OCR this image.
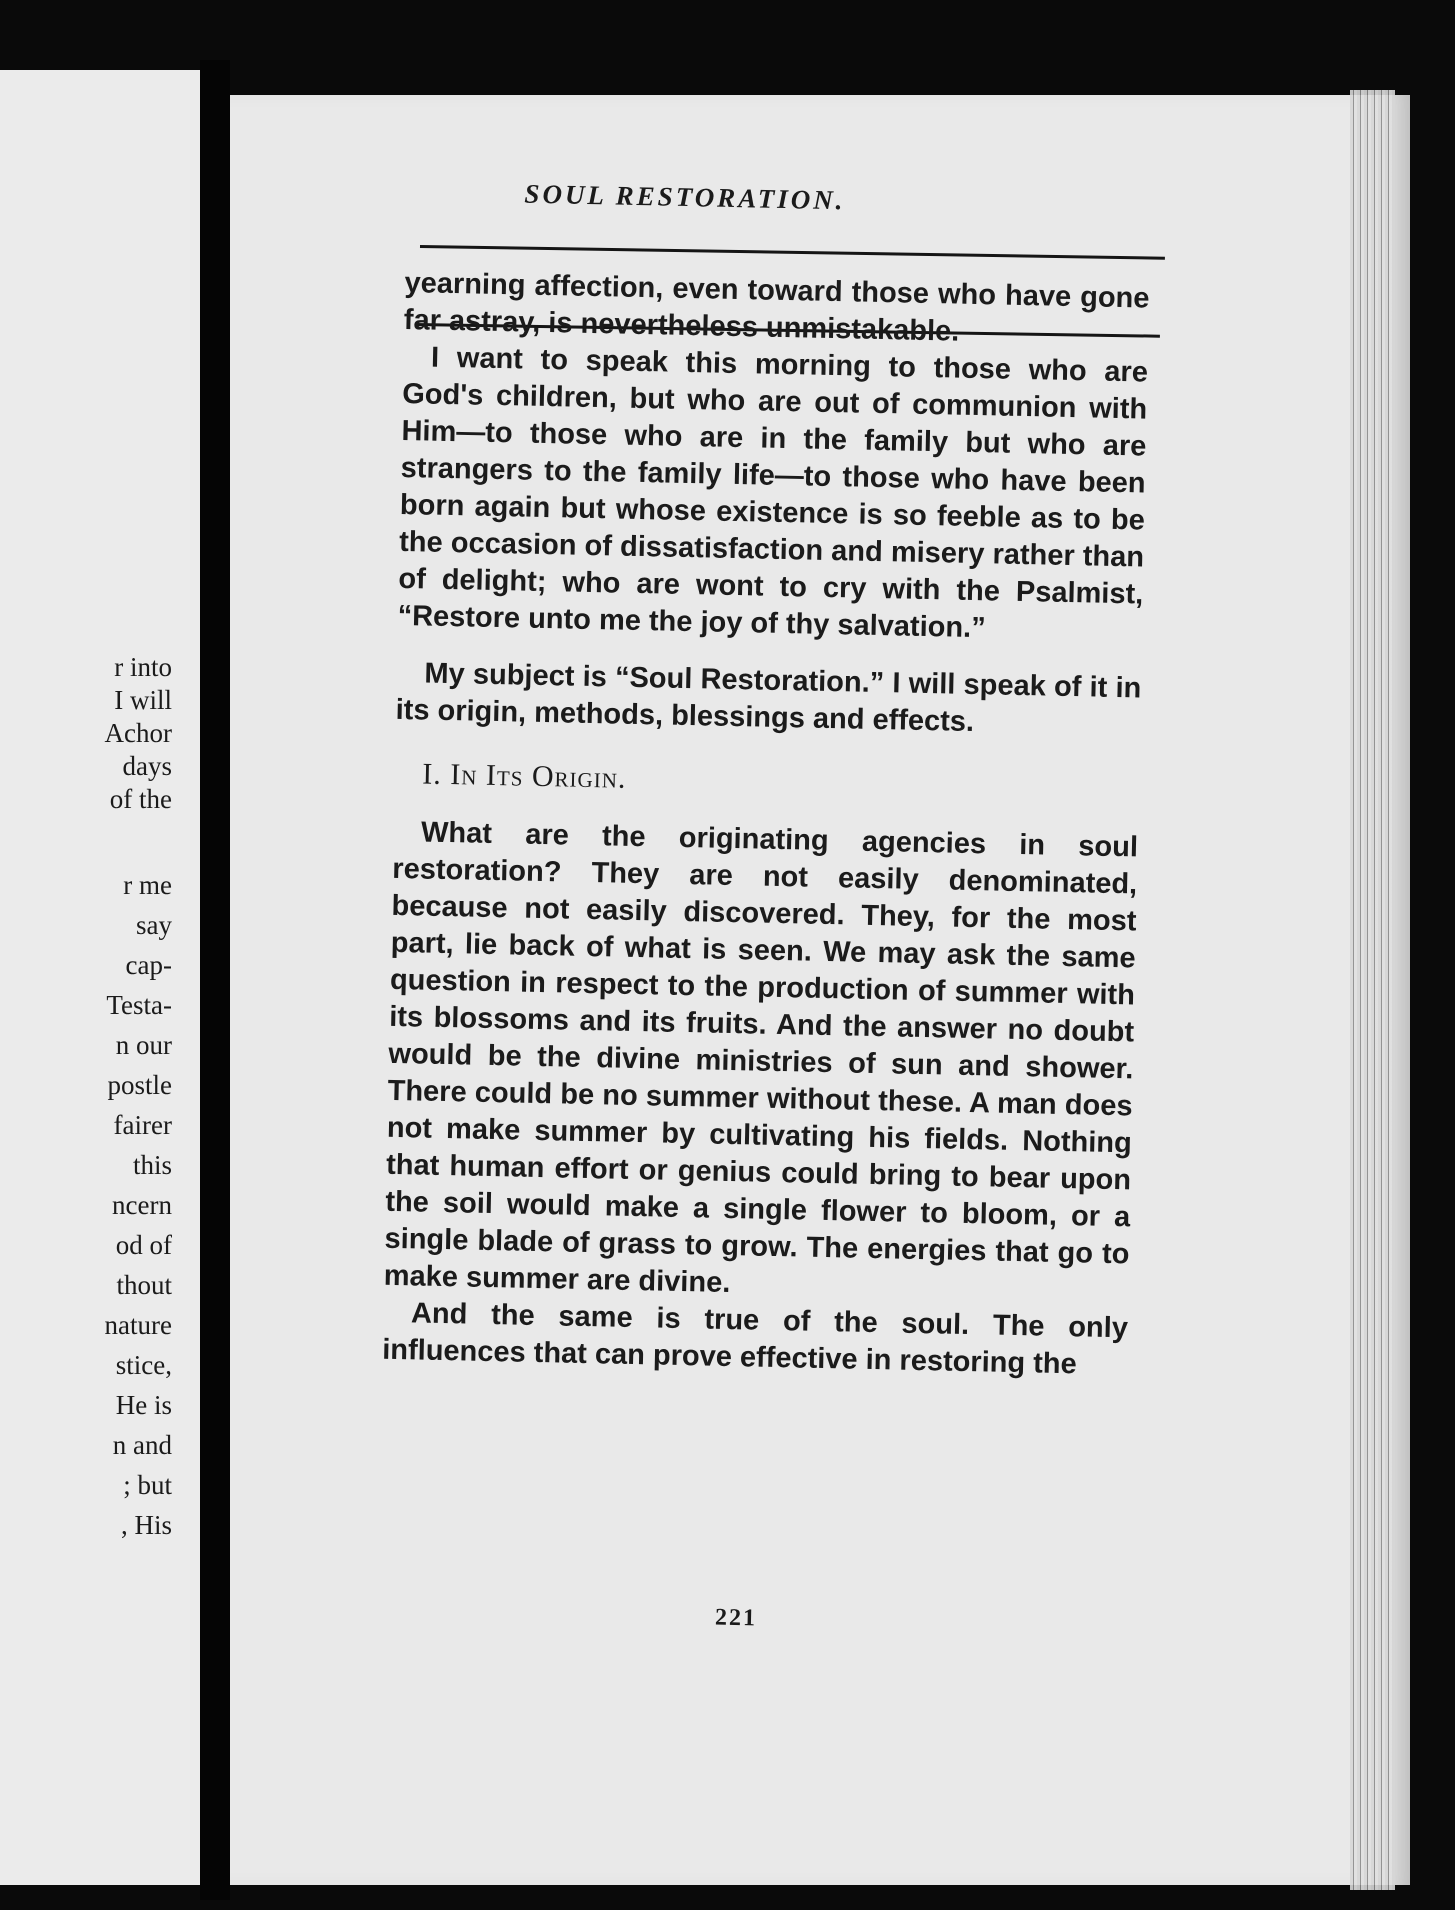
r into
I will
Achor
days
of the
r me
say
cap-
Testa-
n our
postle
fairer
this
ncern
od of
thout
nature
stice,
He is
n and
; but
, His
SOUL RESTORATION.

yearning affection, even toward those who have gone far astray, is nevertheless unmistakable.

I want to speak this morning to those who are God's children, but who are out of communion with Him—to those who are in the family but who are strangers to the family life—to those who have been born again but whose existence is so feeble as to be the occasion of dissatisfaction and misery rather than of delight; who are wont to cry with the Psalmist, “Restore unto me the joy of thy salvation.”

My subject is “Soul Restoration.” I will speak of it in its origin, methods, blessings and effects.

I. In Its Origin.

What are the originating agencies in soul restoration? They are not easily denominated, because not easily discovered. They, for the most part, lie back of what is seen. We may ask the same question in respect to the production of summer with its blossoms and its fruits. And the answer no doubt would be the divine ministries of sun and shower. There could be no summer without these. A man does not make summer by cultivating his fields. Nothing that human effort or genius could bring to bear upon the soil would make a single flower to bloom, or a single blade of grass to grow. The energies that go to make summer are divine.

And the same is true of the soul. The only influences that can prove effective in restoring the

221
